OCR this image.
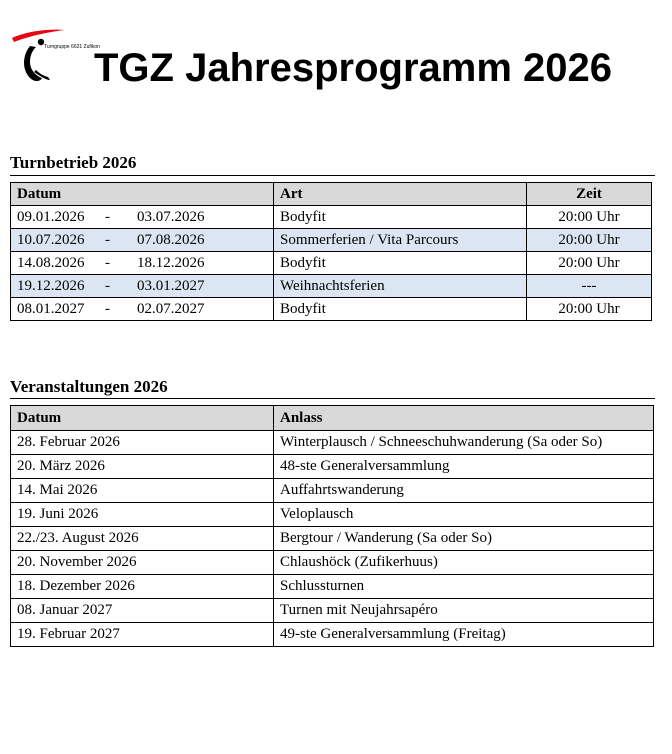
Turngruppe 6621 Zufikon
TGZ Jahresprogramm 2026
Turnbetrieb 2026
Datum	Art	Zeit
09.01.2026 - 03.07.2026	Bodyfit	20:00 Uhr
10.07.2026 - 07.08.2026	Sommerferien / Vita Parcours	20:00 Uhr
14.08.2026 - 18.12.2026	Bodyfit	20:00 Uhr
19.12.2026 - 03.01.2027	Weihnachtsferien	---
08.01.2027 - 02.07.2027	Bodyfit	20:00 Uhr
Veranstaltungen 2026
Datum	Anlass
28. Februar 2026	Winterplausch / Schneeschuhwanderung (Sa oder So)
20. März 2026	48-ste Generalversammlung
14. Mai 2026	Auffahrtswanderung
19. Juni 2026	Veloplausch
22./23. August 2026	Bergtour / Wanderung (Sa oder So)
20. November 2026	Chlaushöck (Zufikerhuus)
18. Dezember 2026	Schlussturnen
08. Januar 2027	Turnen mit Neujahrsapéro
19. Februar 2027	49-ste Generalversammlung (Freitag)
